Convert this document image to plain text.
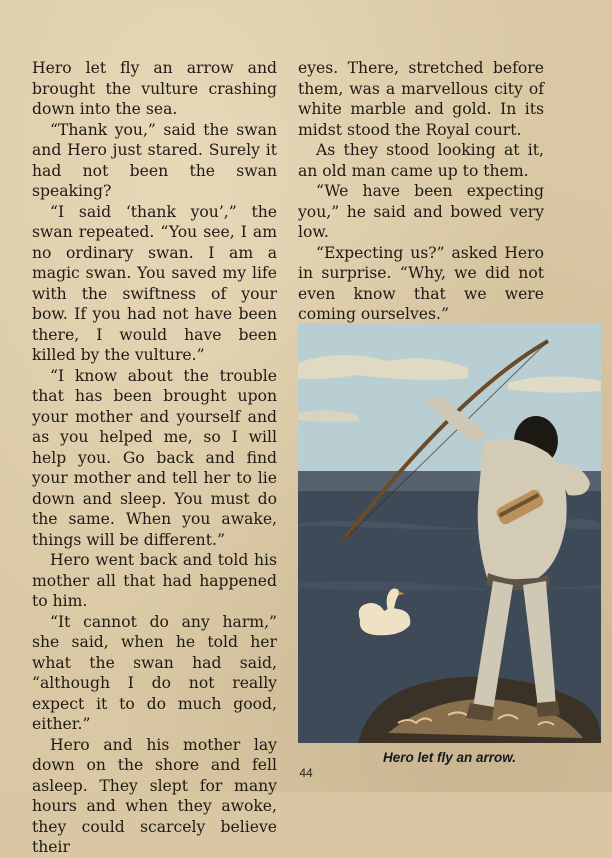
Hero let fly an arrow and brought the vulture crashing down into the sea.

“Thank you,” said the swan and Hero just stared. Surely it had not been the swan speaking?

“I said ‘thank you’,” the swan repeated. “You see, I am no ordinary swan. I am a magic swan. You saved my life with the swiftness of your bow. If you had not have been there, I would have been killed by the vulture.”

“I know about the trouble that has been brought upon your mother and yourself and as you helped me, so I will help you. Go back and find your mother and tell her to lie down and sleep. You must do the same. When you awake, things will be different.”

Hero went back and told his mother all that had happened to him.

“It cannot do any harm,” she said, when he told her what the swan had said, “although I do not really expect it to do much good, either.”

Hero and his mother lay down on the shore and fell asleep. They slept for many hours and when they awoke, they could scarcely believe their

eyes. There, stretched before them, was a marvellous city of white marble and gold. In its midst stood the Royal court.

As they stood looking at it, an old man came up to them.

“We have been expecting you,” he said and bowed very low.

“Expecting us?” asked Hero in surprise. “Why, we did not even know that we were coming ourselves.”

Hero let fly an arrow.
44
